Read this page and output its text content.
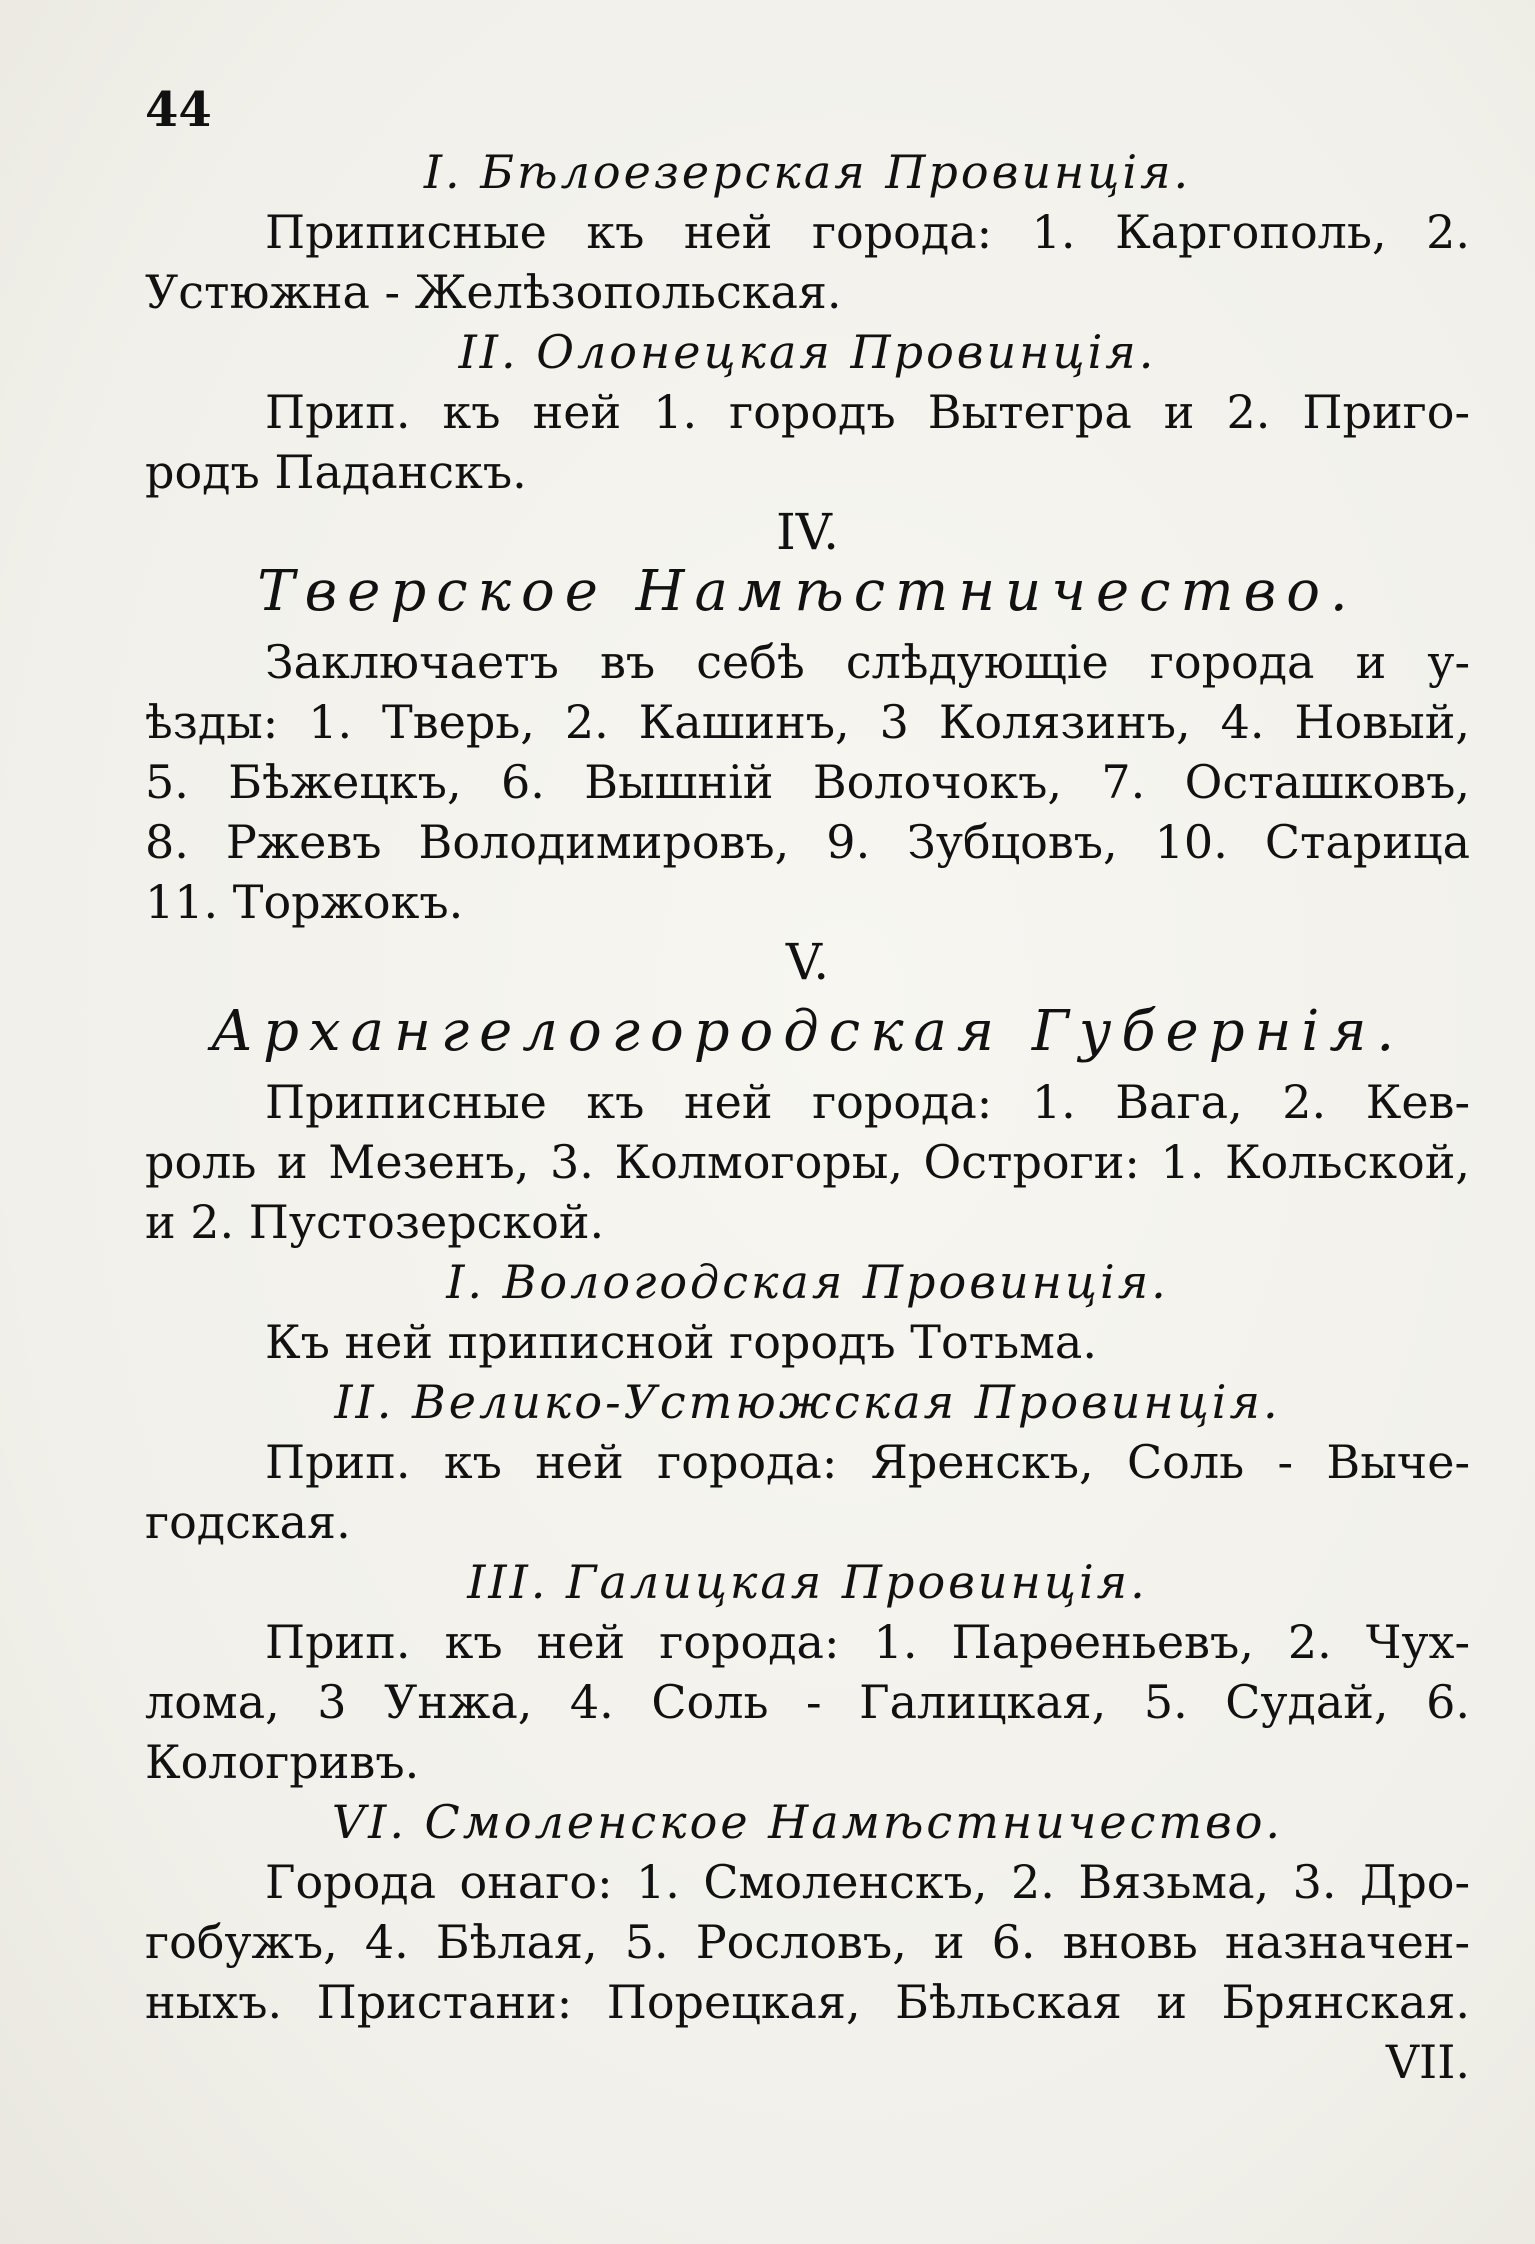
44
I. Бѣлоезерская Провинція.
Приписные къ ней города: 1. Каргополь, 2.
Устюжна - Желѣзопольская.
II. Олонецкая Провинція.
Прип. къ ней 1. городъ Вытегра и 2. Приго-
родъ Паданскъ.
IV.
Тверское Намѣстничество.
Заключаетъ въ себѣ слѣдующіе города и у-
ѣзды: 1. Тверь, 2. Кашинъ, 3 Колязинъ, 4. Новый,
5. Бѣжецкъ, 6. Вышній Волочокъ, 7. Осташковъ,
8. Ржевъ Володимировъ, 9. Зубцовъ, 10. Старица
11. Торжокъ.
V.
Архангелогородская Губернія.
Приписные къ ней города: 1. Вага, 2. Кев-
роль и Мезенъ, 3. Колмогоры, Остроги: 1. Кольской,
и 2. Пустозерской.
I. Вологодская Провинція.
Къ ней приписной городъ Тотьма.
II. Велико-Устюжская Провинція.
Прип. къ ней города: Яренскъ, Соль - Выче-
годская.
III. Галицкая Провинція.
Прип. къ ней города: 1. Парѳеньевъ, 2. Чух-
лома, 3 Унжа, 4. Соль - Галицкая, 5. Судай, 6.
Кологривъ.
VI. Смоленское Намѣстничество.
Города онаго: 1. Смоленскъ, 2. Вязьма, 3. Дро-
гобужъ, 4. Бѣлая, 5. Рословъ, и 6. вновь назначен-
ныхъ. Пристани: Порецкая, Бѣльская и Брянская.
VII.
